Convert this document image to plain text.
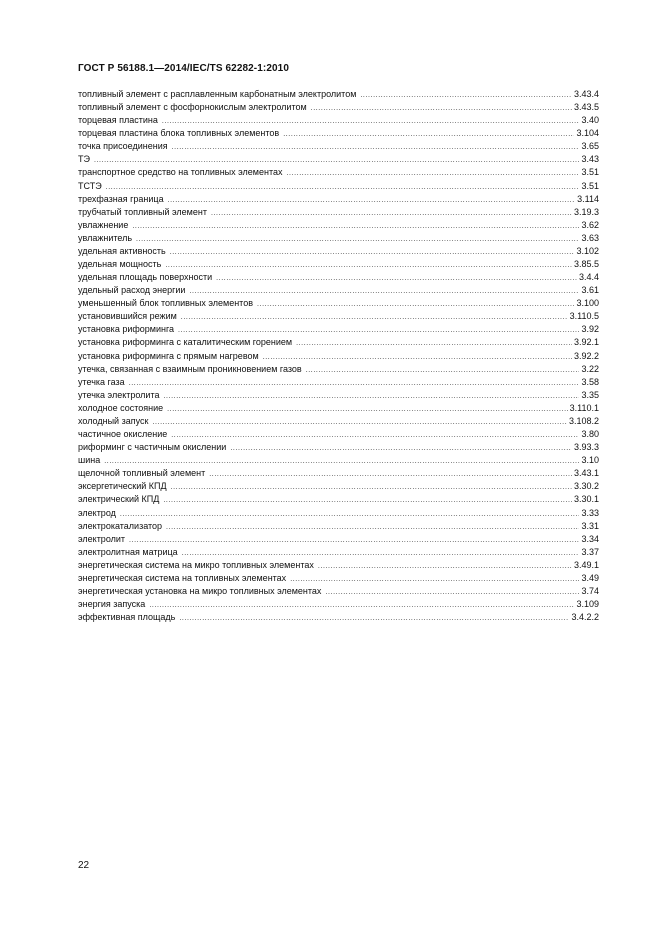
ГОСТ Р 56188.1—2014/IEC/TS 62282-1:2010
топливный элемент с расплавленным карбонатным электролитом .....	3.43.4
топливный элемент с фосфорнокислым электролитом .....	3.43.5
торцевая пластина .....	3.40
торцевая пластина блока топливных элементов .....	3.104
точка присоединения .....	3.65
ТЭ .....	3.43
транспортное средство на топливных элементах .....	3.51
ТСТЭ .....	3.51
трехфазная граница .....	3.114
трубчатый топливный элемент .....	3.19.3
увлажнение .....	3.62
увлажнитель .....	3.63
удельная активность .....	3.102
удельная мощность .....	3.85.5
удельная площадь поверхности .....	3.4.4
удельный расход энергии .....	3.61
уменьшенный блок топливных элементов .....	3.100
установившийся режим .....	3.110.5
установка риформинга .....	3.92
установка риформинга с каталитическим горением .....	3.92.1
установка риформинга с прямым нагревом .....	3.92.2
утечка, связанная с взаимным проникновением газов .....	3.22
утечка газа .....	3.58
утечка электролита .....	3.35
холодное состояние .....	3.110.1
холодный запуск .....	3.108.2
частичное окисление .....	3.80
риформинг с частичным окислении .....	3.93.3
шина .....	3.10
щелочной топливный элемент .....	3.43.1
эксергетический КПД .....	3.30.2
электрический КПД .....	3.30.1
электрод .....	3.33
электрокатализатор .....	3.31
электролит .....	3.34
электролитная матрица .....	3.37
энергетическая система на микро топливных элементах .....	3.49.1
энергетическая система на топливных элементах .....	3.49
энергетическая установка на микро топливных элементах .....	3.74
энергия запуска .....	3.109
эффективная площадь .....	3.4.2.2
22
